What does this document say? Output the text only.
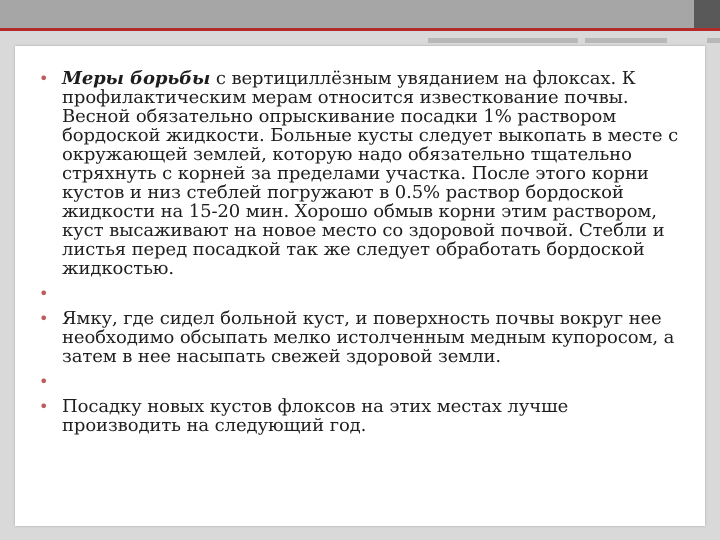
• Меры борьбы с вертициллёзным увяданием на флоксах. К профилактическим мерам относится известкование почвы. Весной обязательно опрыскивание посадки 1% раствором бордоской жидкости. Больные кусты следует выкопать в месте с окружающей землей, которую надо обязательно тщательно стряхнуть с корней за пределами участка. После этого корни кустов и низ стеблей погружают в 0.5% раствор бордоской жидкости на 15-20 мин. Хорошо обмыв корни этим раствором, куст высаживают на новое место со здоровой почвой. Стебли и листья перед посадкой так же следует обработать бордоской жидкостью.
•
• Ямку, где сидел больной куст, и поверхность почвы вокруг нее необходимо обсыпать мелко истолченным медным купоросом, а затем в нее насыпать свежей здоровой земли.
•
• Посадку новых кустов флоксов на этих местах лучше производить на следующий год.
